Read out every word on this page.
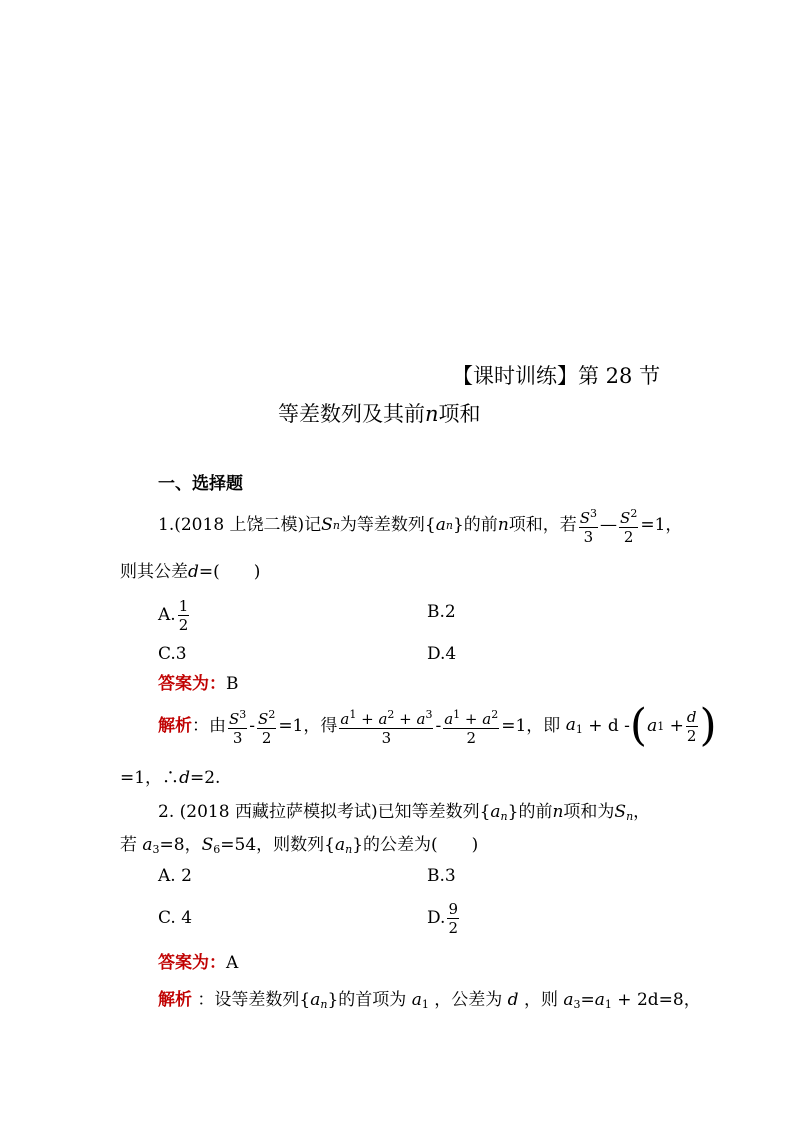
【课时训练】第 28 节
等差数列及其前n项和
一、选择题
1. (2018 上饶二模)记 S n 为等差数列{ a n }的前 n 项和，若 $\frac{S^3}{3}$ — $\frac{S^2}{2} =1$，
则其公差d=(　　)
A. $\frac{1}{2}$	B.2
C.3	D.4
答案为：B
解析 ：由 $\frac{S^3}{3} - \frac{S^2}{2} =1$，得 $\frac{a^1 + a^2 + a^3}{3} - \frac{a^1 + a^2}{2} =1$，即 $a_1 + d$ - ( a $1 + \frac{d}{2}$ )
=1，∴d=2.
2. (2018 西藏拉萨模拟考试)已知等差数列$\{a_n\}$的前n项和为$S_n$，
若 $a_3=8$，$S_6=54$，则数列$\{a_n\}$的公差为(　　)
A. 2	B.3
C. 4	D. $\frac{9}{2}$
答案为：A
解析 ：设等差数列$\{a_n\}$的首项为 $a_1$ ，公差为 d ，则 $a_3=a_1 + 2d=8$，
